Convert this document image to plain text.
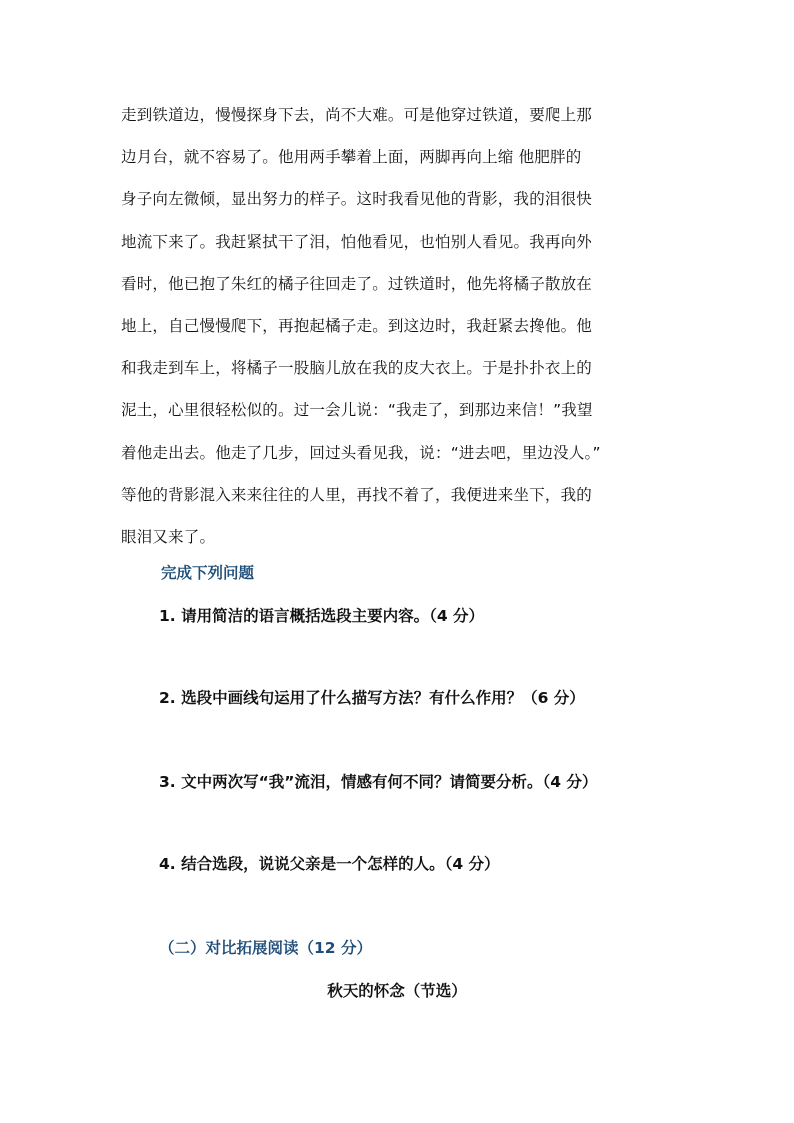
走到铁道边，慢慢探身下去，尚不大难。可是他穿过铁道，要爬上那
边月台，就不容易了。他用两手攀着上面，两脚再向上缩 他肥胖的
身子向左微倾，显出努力的样子。这时我看见他的背影，我的泪很快
地流下来了。我赶紧拭干了泪，怕他看见，也怕别人看见。我再向外
看时，他已抱了朱红的橘子往回走了。过铁道时，他先将橘子散放在
地上，自己慢慢爬下，再抱起橘子走。到这边时，我赶紧去搀他。他
和我走到车上，将橘子一股脑儿放在我的皮大衣上。于是扑扑衣上的
泥土，心里很轻松似的。过一会儿说：“我走了，到那边来信！”我望
着他走出去。他走了几步，回过头看见我，说：“进去吧，里边没人。”
等他的背影混入来来往往的人里，再找不着了，我便进来坐下，我的
眼泪又来了。
完成下列问题
1. 请用简洁的语言概括选段主要内容。（4 分）
2. 选段中画线句运用了什么描写方法？有什么作用？（6 分）
3. 文中两次写“我”流泪，情感有何不同？请简要分析。（4 分）
4. 结合选段，说说父亲是一个怎样的人。（4 分）
（二）对比拓展阅读（12 分）
秋天的怀念（节选）
